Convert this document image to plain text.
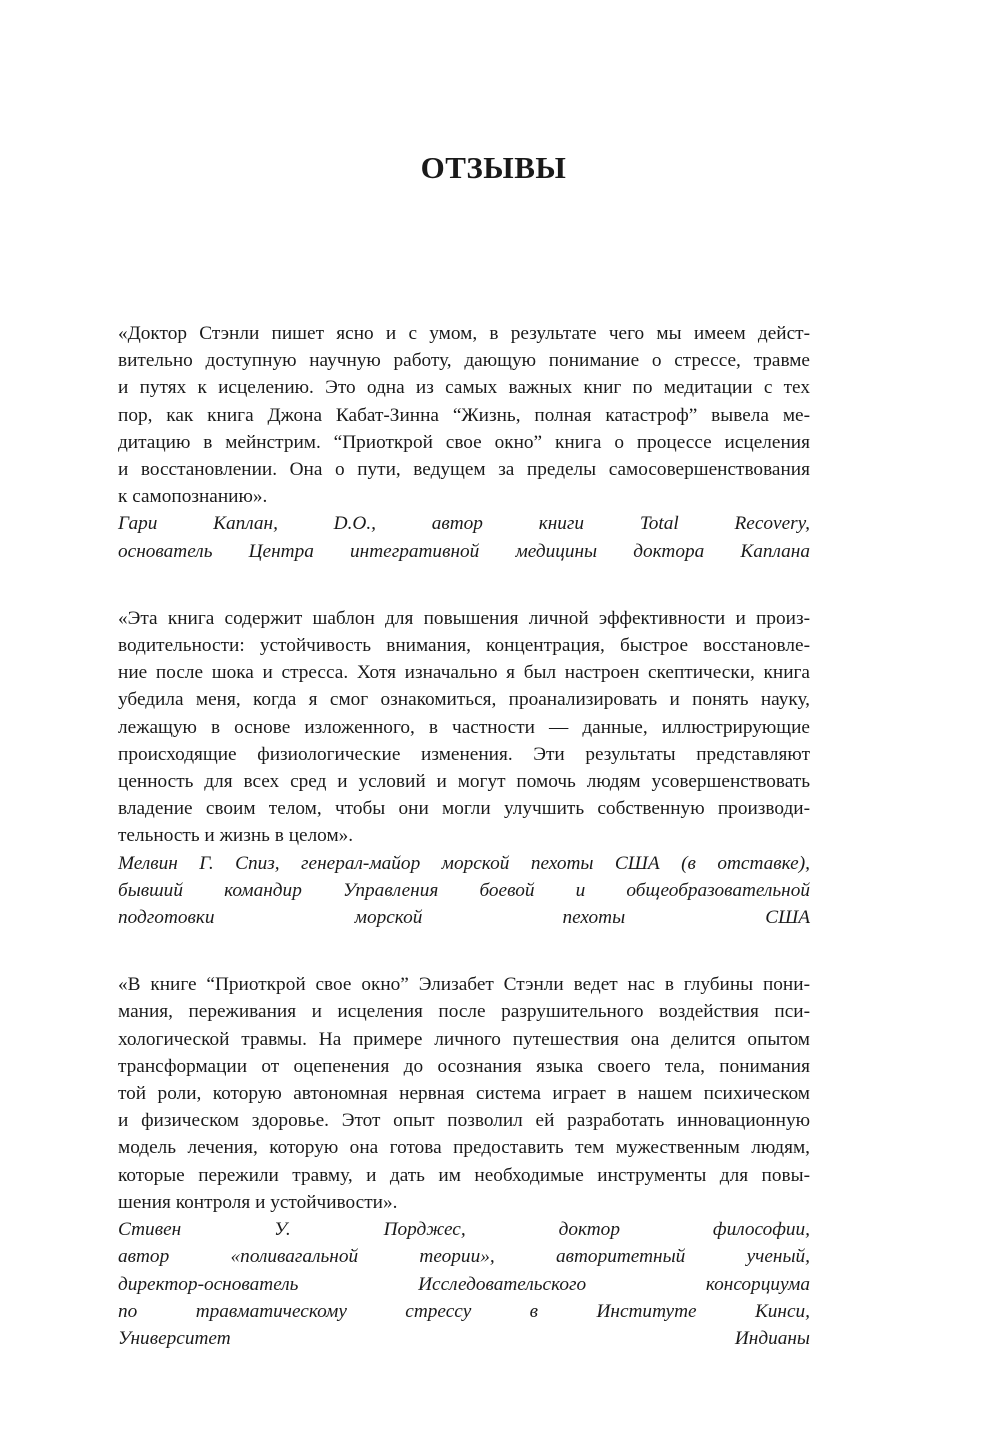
ОТЗЫВЫ

«Доктор Стэнли пишет ясно и с умом, в результате чего мы имеем дейст-
вительно доступную научную работу, дающую понимание о стрессе, травме
и путях к исцелению. Это одна из самых важных книг по медитации с тех
пор, как книга Джона Кабат-Зинна “Жизнь, полная катастроф” вывела ме-
дитацию в мейнстрим. “Приоткрой свое окно” книга о процессе исцеления
и восстановлении. Она о пути, ведущем за пределы самосовершенствования
к самопознанию».

Гари Каплан, D.O., автор книги Total Recovery,
основатель Центра интегративной медицины доктора Каплана

«Эта книга содержит шаблон для повышения личной эффективности и произ-
водительности: устойчивость внимания, концентрация, быстрое восстановле-
ние после шока и стресса. Хотя изначально я был настроен скептически, книга
убедила меня, когда я смог ознакомиться, проанализировать и понять науку,
лежащую в основе изложенного, в частности — данные, иллюстрирующие
происходящие физиологические изменения. Эти результаты представляют
ценность для всех сред и условий и могут помочь людям усовершенствовать
владение своим телом, чтобы они могли улучшить собственную производи-
тельность и жизнь в целом».

Мелвин Г. Спиз, генерал-майор морской пехоты США (в отставке),
бывший командир Управления боевой и общеобразовательной
подготовки морской пехоты США

«В книге “Приоткрой свое окно” Элизабет Стэнли ведет нас в глубины пони-
мания, переживания и исцеления после разрушительного воздействия пси-
хологической травмы. На примере личного путешествия она делится опытом
трансформации от оцепенения до осознания языка своего тела, понимания
той роли, которую автономная нервная система играет в нашем психическом
и физическом здоровье. Этот опыт позволил ей разработать инновационную
модель лечения, которую она готова предоставить тем мужественным людям,
которые пережили травму, и дать им необходимые инструменты для повы-
шения контроля и устойчивости».

Стивен У. Порджес, доктор философии,
автор «поливагальной теории», авторитетный ученый,
директор-основатель Исследовательского консорциума
по травматическому стрессу в Институте Кинси,
Университет Индианы
